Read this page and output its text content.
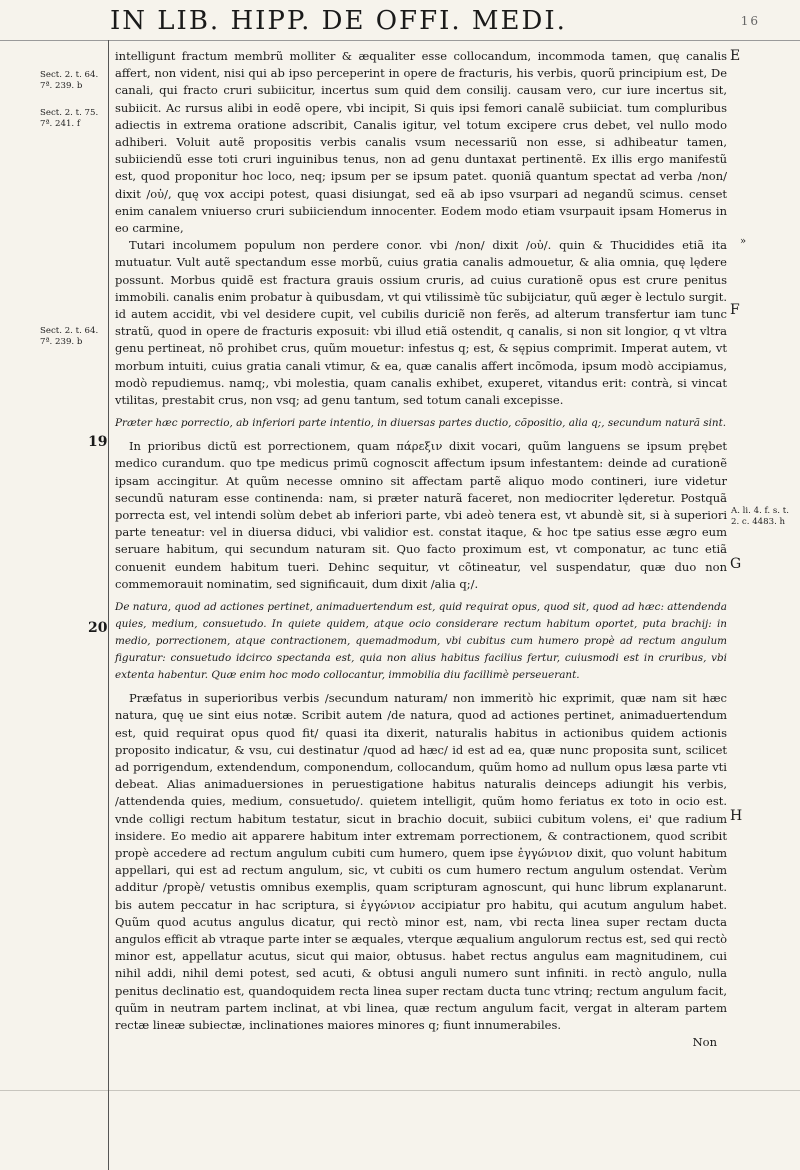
IN LIB. HIPP. DE OFFI. MEDI.	16
Sect. 2. t. 64. 7ª. 239. b
Sect. 2. t. 75. 7ª. 241. f
Sect. 2. t. 64. 7ª. 239. b
A. li. 4. f. s. t. 2. c. 4483. h
E
F
G
H
»
19
20

intelligunt fractum membrũ molliter & æqualiter esse collocandum, incommoda tamen, quę canalis affert, non vident, nisi qui ab ipso perceperint in opere de fracturis, his verbis, quorũ principium est, De canali, qui fracto cruri subiicitur, incertus sum quid dem consilij. causam vero, cur iure incertus sit, subiicit. Ac rursus alibi in eodẽ opere, vbi incipit, Si quis ipsi femori canalẽ subiiciat. tum compluribus adiectis in extrema oratione adscribit, Canalis igitur, vel totum excipere crus debet, vel nullo modo adhiberi. Voluit autẽ propositis verbis canalis vsum necessariũ non esse, si adhibeatur tamen, subiiciendũ esse toti cruri inguinibus tenus, non ad genu duntaxat pertinentẽ. Ex illis ergo manifestũ est, quod proponitur hoc loco, neq; ipsum per se ipsum patet. quoniã quantum spectat ad verba /non/ dixit /οὐ/, quę vox accipi potest, quasi disiungat, sed eã ab ipso vsurpari ad negandũ scimus. censet enim canalem vniuerso cruri subiiciendum innocenter. Eodem modo etiam vsurpauit ipsam Homerus in eo carmine,

Tutari incolumem populum non perdere conor. vbi /non/ dixit /οὐ/. quin & Thucidides etiã ita mutuatur. Vult autẽ spectandum esse morbũ, cuius gratia canalis admouetur, & alia omnia, quę lędere possunt. Morbus quidẽ est fractura grauis ossium cruris, ad cuius curationẽ opus est crure penitus immobili. canalis enim probatur à quibusdam, vt qui vtilissimè tũc subijciatur, quũ æger è lectulo surgit. id autem accidit, vbi vel desidere cupit, vel cubilis duriciẽ non ferẽs, ad alterum transfertur iam tunc stratũ, quod in opere de fracturis exposuit: vbi illud etiã ostendit, q canalis, si non sit longior, q vt vltra genu pertineat, nõ prohibet crus, quũm mouetur: infestus q; est, & sępius comprimit. Imperat autem, vt morbum intuiti, cuius gratia canali vtimur, & ea, quæ canalis affert incõmoda, ipsum modò accipiamus, modò repudiemus. namq;, vbi molestia, quam canalis exhibet, exuperet, vitandus erit: contrà, si vincat vtilitas, prestabit crus, non vsq; ad genu tantum, sed totum canali excepisse.

Præter hæc porrectio, ab inferiori parte intentio, in diuersas partes ductio, cõpositio, alia q;, secundum naturã sint.

In prioribus dictũ est porrectionem, quam πάρεξιν dixit vocari, quũm languens se ipsum prębet medico curandum. quo tpe medicus primũ cognoscit affectum ipsum infestantem: deinde ad curationẽ ipsam accingitur. At quũm necesse omnino sit affectam partẽ aliquo modo contineri, iure videtur secundũ naturam esse continenda: nam, si præter naturã faceret, non mediocriter lęderetur. Postquã porrecta est, vel intendi solùm debet ab inferiori parte, vbi adeò tenera est, vt abundè sit, si à superiori parte teneatur: vel in diuersa diduci, vbi validior est. constat itaque, & hoc tpe satius esse ægro eum seruare habitum, qui secundum naturam sit. Quo facto proximum est, vt componatur, ac tunc etiã conuenit eundem habitum tueri. Dehinc sequitur, vt cõtineatur, vel suspendatur, quæ duo non commemorauit nominatim, sed significauit, dum dixit /alia q;/.

De natura, quod ad actiones pertinet, animaduertendum est, quid requirat opus, quod sit, quod ad hæc: attendenda quies, medium, consuetudo. In quiete quidem, atque ocio considerare rectum habitum oportet, puta brachij: in medio, porrectionem, atque contractionem, quemadmodum, vbi cubitus cum humero propè ad rectum angulum figuratur: consuetudo idcirco spectanda est, quia non alius habitus facilius fertur, cuiusmodi est in cruribus, vbi extenta habentur. Quæ enim hoc modo collocantur, immobilia diu facillimè perseuerant.

Præfatus in superioribus verbis /secundum naturam/ non immeritò hic exprimit, quæ nam sit hæc natura, quę ue sint eius notæ. Scribit autem /de natura, quod ad actiones pertinet, animaduertendum est, quid requirat opus quod fit/ quasi ita dixerit, naturalis habitus in actionibus quidem actionis proposito indicatur, & vsu, cui destinatur /quod ad hæc/ id est ad ea, quæ nunc proposita sunt, scilicet ad porrigendum, extendendum, componendum, collocandum, quũm homo ad nullum opus læsa parte vti debeat. Alias animaduersiones in peruestigatione habitus naturalis deinceps adiungit his verbis, /attendenda quies, medium, consuetudo/. quietem intelligit, quũm homo feriatus ex toto in ocio est. vnde colligi rectum habitum testatur, sicut in brachio docuit, subiici cubitum volens, ei' que radium insidere. Eo medio ait apparere habitum inter extremam porrectionem, & contractionem, quod scribit propè accedere ad rectum angulum cubiti cum humero, quem ipse ἐγγώνιον dixit, quo volunt habitum appellari, qui est ad rectum angulum, sic, vt cubiti os cum humero rectum angulum ostendat. Verùm additur /propè/ vetustis omnibus exemplis, quam scripturam agnoscunt, qui hunc librum explanarunt. bis autem peccatur in hac scriptura, si ἐγγώνιον accipiatur pro habitu, qui acutum angulum habet. Quũm quod acutus angulus dicatur, qui rectò minor est, nam, vbi recta linea super rectam ducta angulos efficit ab vtraque parte inter se æquales, vterque æqualium angulorum rectus est, sed qui rectò minor est, appellatur acutus, sicut qui maior, obtusus. habet rectus angulus eam magnitudinem, cui nihil addi, nihil demi potest, sed acuti, & obtusi anguli numero sunt infiniti. in rectò angulo, nulla penitus declinatio est, quandoquidem recta linea super rectam ducta tunc vtrinq; rectum angulum facit, quũm in neutram partem inclinat, at vbi linea, quæ rectum angulum facit, vergat in alteram partem rectæ lineæ subiectæ, inclinationes maiores minores q; fiunt innumerabiles.

Non
